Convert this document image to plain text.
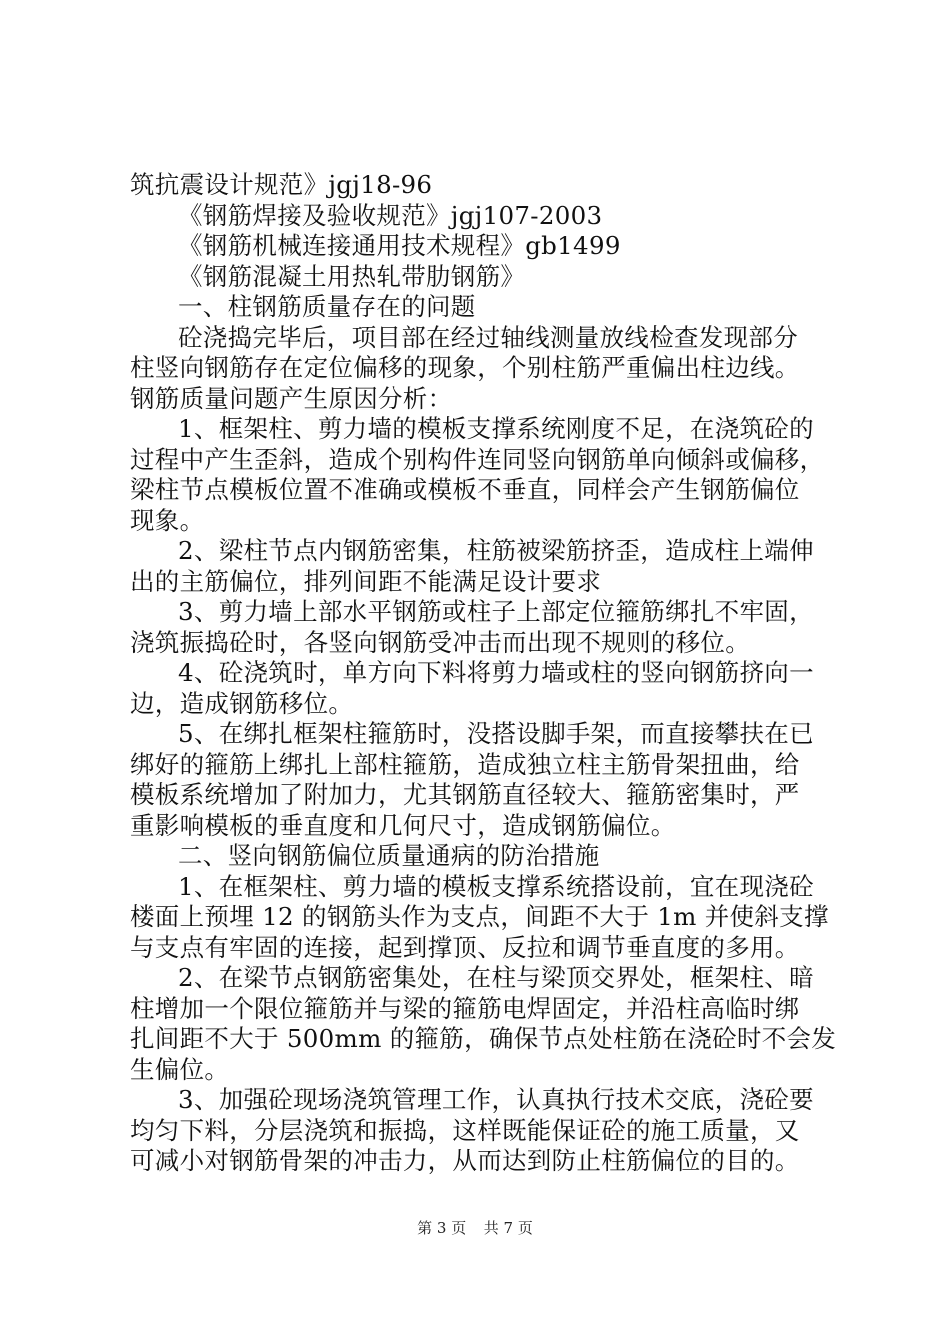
筑抗震设计规范》jgj18-96
《钢筋焊接及验收规范》jgj107-2003
《钢筋机械连接通用技术规程》gb1499
《钢筋混凝土用热轧带肋钢筋》
一、柱钢筋质量存在的问题
砼浇捣完毕后，项目部在经过轴线测量放线检查发现部分
柱竖向钢筋存在定位偏移的现象，个别柱筋严重偏出柱边线。
钢筋质量问题产生原因分析：
1、框架柱、剪力墙的模板支撑系统刚度不足，在浇筑砼的
过程中产生歪斜，造成个别构件连同竖向钢筋单向倾斜或偏移，
梁柱节点模板位置不准确或模板不垂直，同样会产生钢筋偏位
现象。
2、梁柱节点内钢筋密集，柱筋被梁筋挤歪，造成柱上端伸
出的主筋偏位，排列间距不能满足设计要求
3、剪力墙上部水平钢筋或柱子上部定位箍筋绑扎不牢固，
浇筑振捣砼时，各竖向钢筋受冲击而出现不规则的移位。
4、砼浇筑时，单方向下料将剪力墙或柱的竖向钢筋挤向一
边，造成钢筋移位。
5、在绑扎框架柱箍筋时，没搭设脚手架，而直接攀扶在已
绑好的箍筋上绑扎上部柱箍筋，造成独立柱主筋骨架扭曲，给
模板系统增加了附加力，尤其钢筋直径较大、箍筋密集时，严
重影响模板的垂直度和几何尺寸，造成钢筋偏位。
二、竖向钢筋偏位质量通病的防治措施
1、在框架柱、剪力墙的模板支撑系统搭设前，宜在现浇砼
楼面上预埋 12 的钢筋头作为支点，间距不大于 1m 并使斜支撑
与支点有牢固的连接，起到撑顶、反拉和调节垂直度的多用。
2、在梁节点钢筋密集处，在柱与梁顶交界处，框架柱、暗
柱增加一个限位箍筋并与梁的箍筋电焊固定，并沿柱高临时绑
扎间距不大于 500mm 的箍筋，确保节点处柱筋在浇砼时不会发
生偏位。
3、加强砼现场浇筑管理工作，认真执行技术交底，浇砼要
均匀下料，分层浇筑和振捣，这样既能保证砼的施工质量，又
可减小对钢筋骨架的冲击力，从而达到防止柱筋偏位的目的。
第 3 页 共 7 页
